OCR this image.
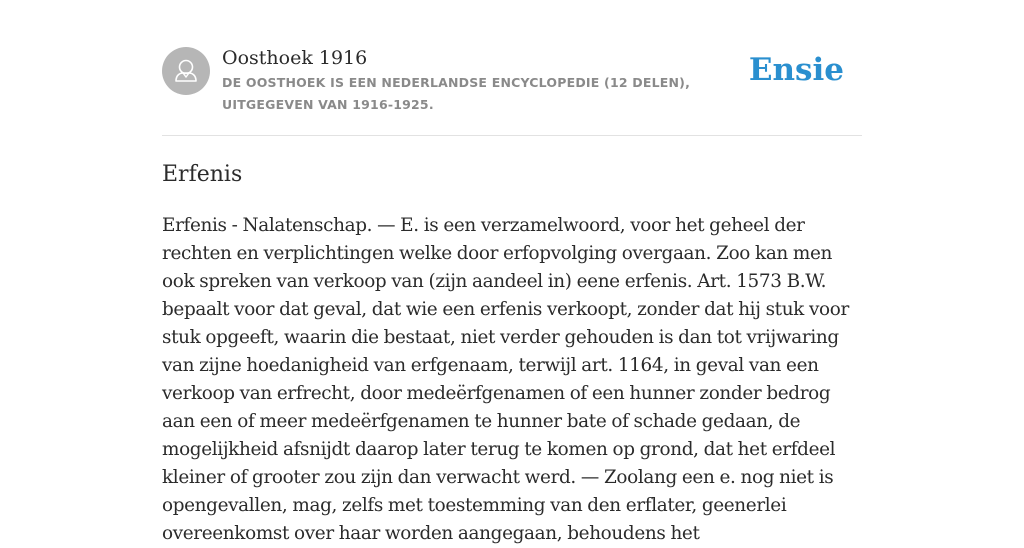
Oosthoek 1916
DE OOSTHOEK IS EEN NEDERLANDSE ENCYCLOPEDIE (12 DELEN), UITGEGEVEN VAN 1916-1925.
Ensie
Erfenis

Erfenis - Nalatenschap. — E. is een verzamelwoord, voor het geheel der rechten en verplichtingen welke door erfopvolging overgaan. Zoo kan men ook spreken van verkoop van (zijn aandeel in) eene erfenis. Art. 1573 B.W. bepaalt voor dat geval, dat wie een erfenis verkoopt, zonder dat hij stuk voor stuk opgeeft, waarin die bestaat, niet verder gehouden is dan tot vrijwaring van zijne hoedanigheid van erfgenaam, terwijl art. 1164, in geval van een verkoop van erfrecht, door medeërfgenamen of een hunner zonder bedrog aan een of meer medeërfgenamen te hunner bate of schade gedaan, de mogelijkheid afsnijdt daarop later terug te komen op grond, dat het erfdeel kleiner of grooter zou zijn dan verwacht werd. — Zoolang een e. nog niet is opengevallen, mag, zelfs met toestemming van den erflater, geenerlei overeenkomst over haar worden aangegaan, behoudens het
